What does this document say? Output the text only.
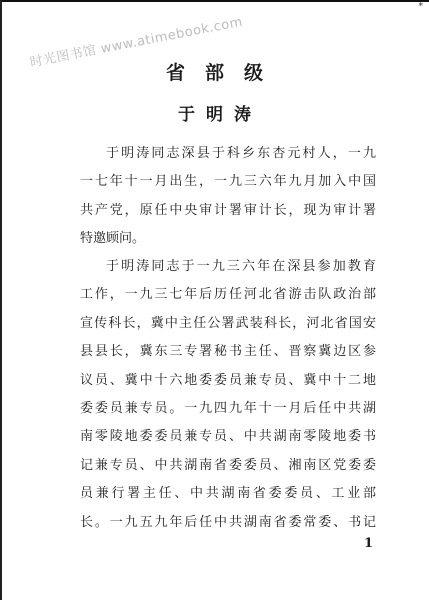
*
时光图书馆 www.atimebook.com
省部级
于明涛
于明涛同志深县于科乡东杏元村人，一九
一七年十一月出生，一九三六年九月加入中国
共产党，原任中央审计署审计长，现为审计署
特邀顾问。
于明涛同志于一九三六年在深县参加教育
工作，一九三七年后历任河北省游击队政治部
宣传科长，冀中主任公署武装科长，河北省国安
县县长，冀东三专署秘书主任、晋察冀边区参
议员、冀中十六地委委员兼专员、冀中十二地
委委员兼专员。一九四九年十一月后任中共湖
南零陵地委委员兼专员、中共湖南零陵地委书
记兼专员、中共湖南省委委员、湘南区党委委
员兼行署主任、中共湖南省委委员、工业部
长。一九五九年后任中共湖南省委常委、书记
1
